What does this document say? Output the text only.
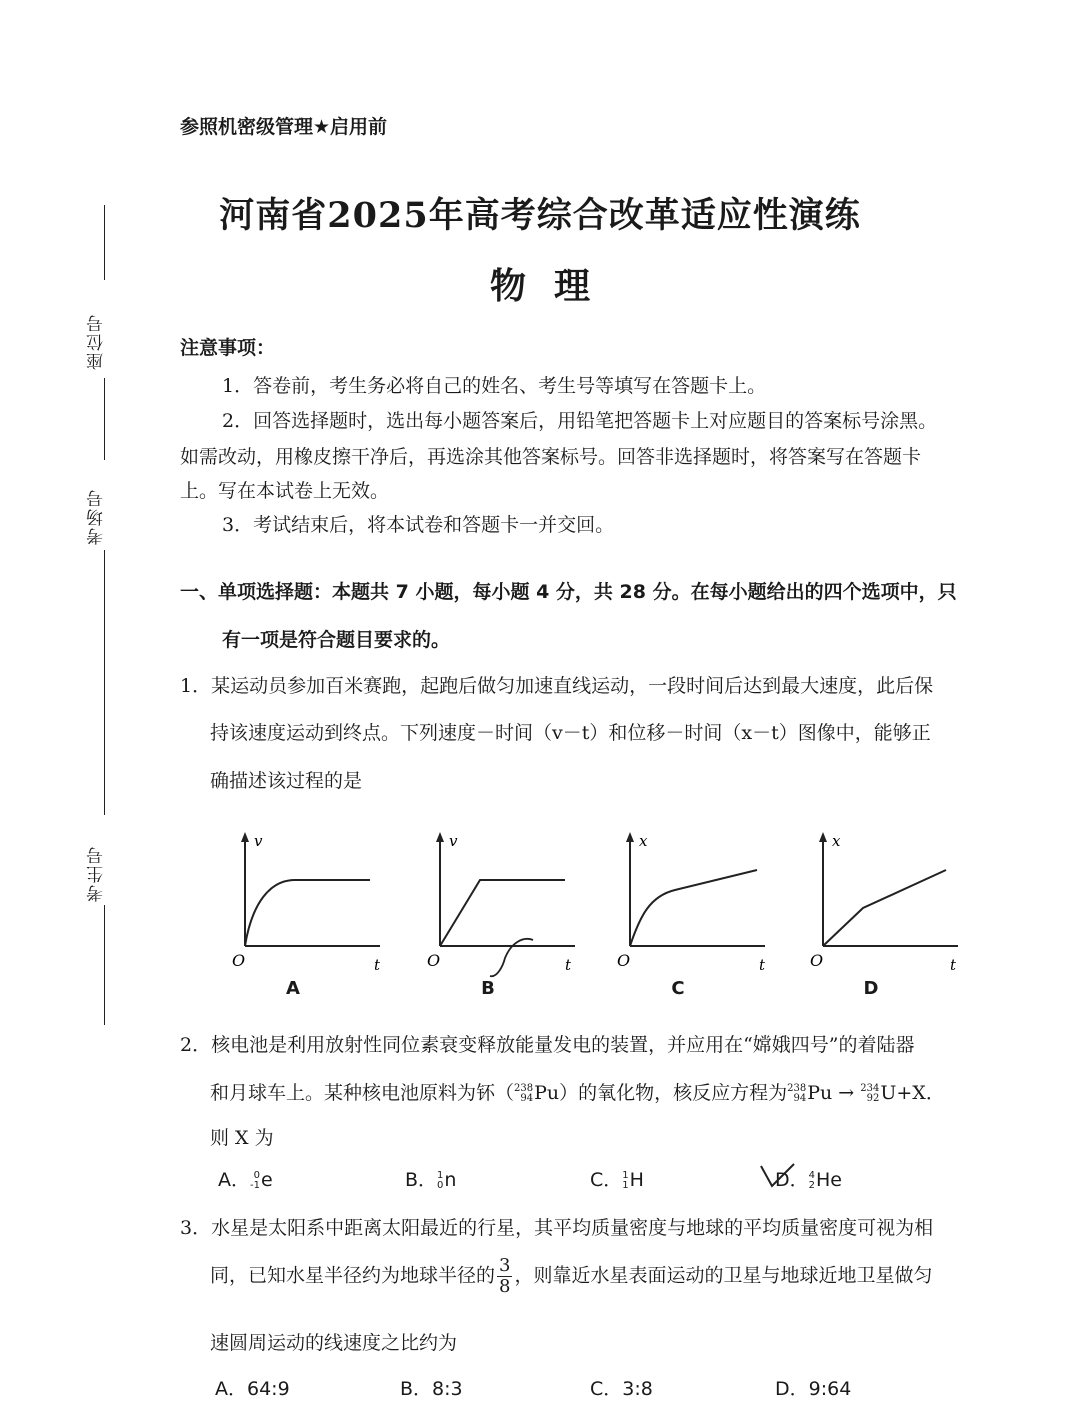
参照机密级管理★启用前
河南省2025年高考综合改革适应性演练
物理
座位号
考场号
考生号
注意事项：
1．答卷前，考生务必将自己的姓名、考生号等填写在答题卡上。
2．回答选择题时，选出每小题答案后，用铅笔把答题卡上对应题目的答案标号涂黑。
如需改动，用橡皮擦干净后，再选涂其他答案标号。回答非选择题时，将答案写在答题卡
上。写在本试卷上无效。
3．考试结束后，将本试卷和答题卡一并交回。
一、单项选择题：本题共 7 小题，每小题 4 分，共 28 分。在每小题给出的四个选项中，只
有一项是符合题目要求的。
1．某运动员参加百米赛跑，起跑后做匀加速直线运动，一段时间后达到最大速度，此后保
持该速度运动到终点。下列速度－时间（v－t）和位移－时间（x－t）图像中，能够正
确描述该过程的是
v
O	t
A
v
O	t
B
x
O	t
C
x
O	t
D
2．核电池是利用放射性同位素衰变释放能量发电的装置，并应用在“嫦娥四号”的着陆器
和月球车上。某种核电池原料为钚（ 238
94 Pu）的氧化物，核反应方程为 238
94 Pu → 234
92 U+X．
则 X 为
A． 0
-1 e	B． 1
0 n	C． 1
1 H	D． 4
2 He
3．水星是太阳系中距离太阳最近的行星，其平均质量密度与地球的平均质量密度可视为相
同，已知水星半径约为地球半径的 $\frac{3}{8}$ ，则靠近水星表面运动的卫星与地球近地卫星做匀
速圆周运动的线速度之比约为
A．64:9	B．8:3	C．3:8	D．9:64
